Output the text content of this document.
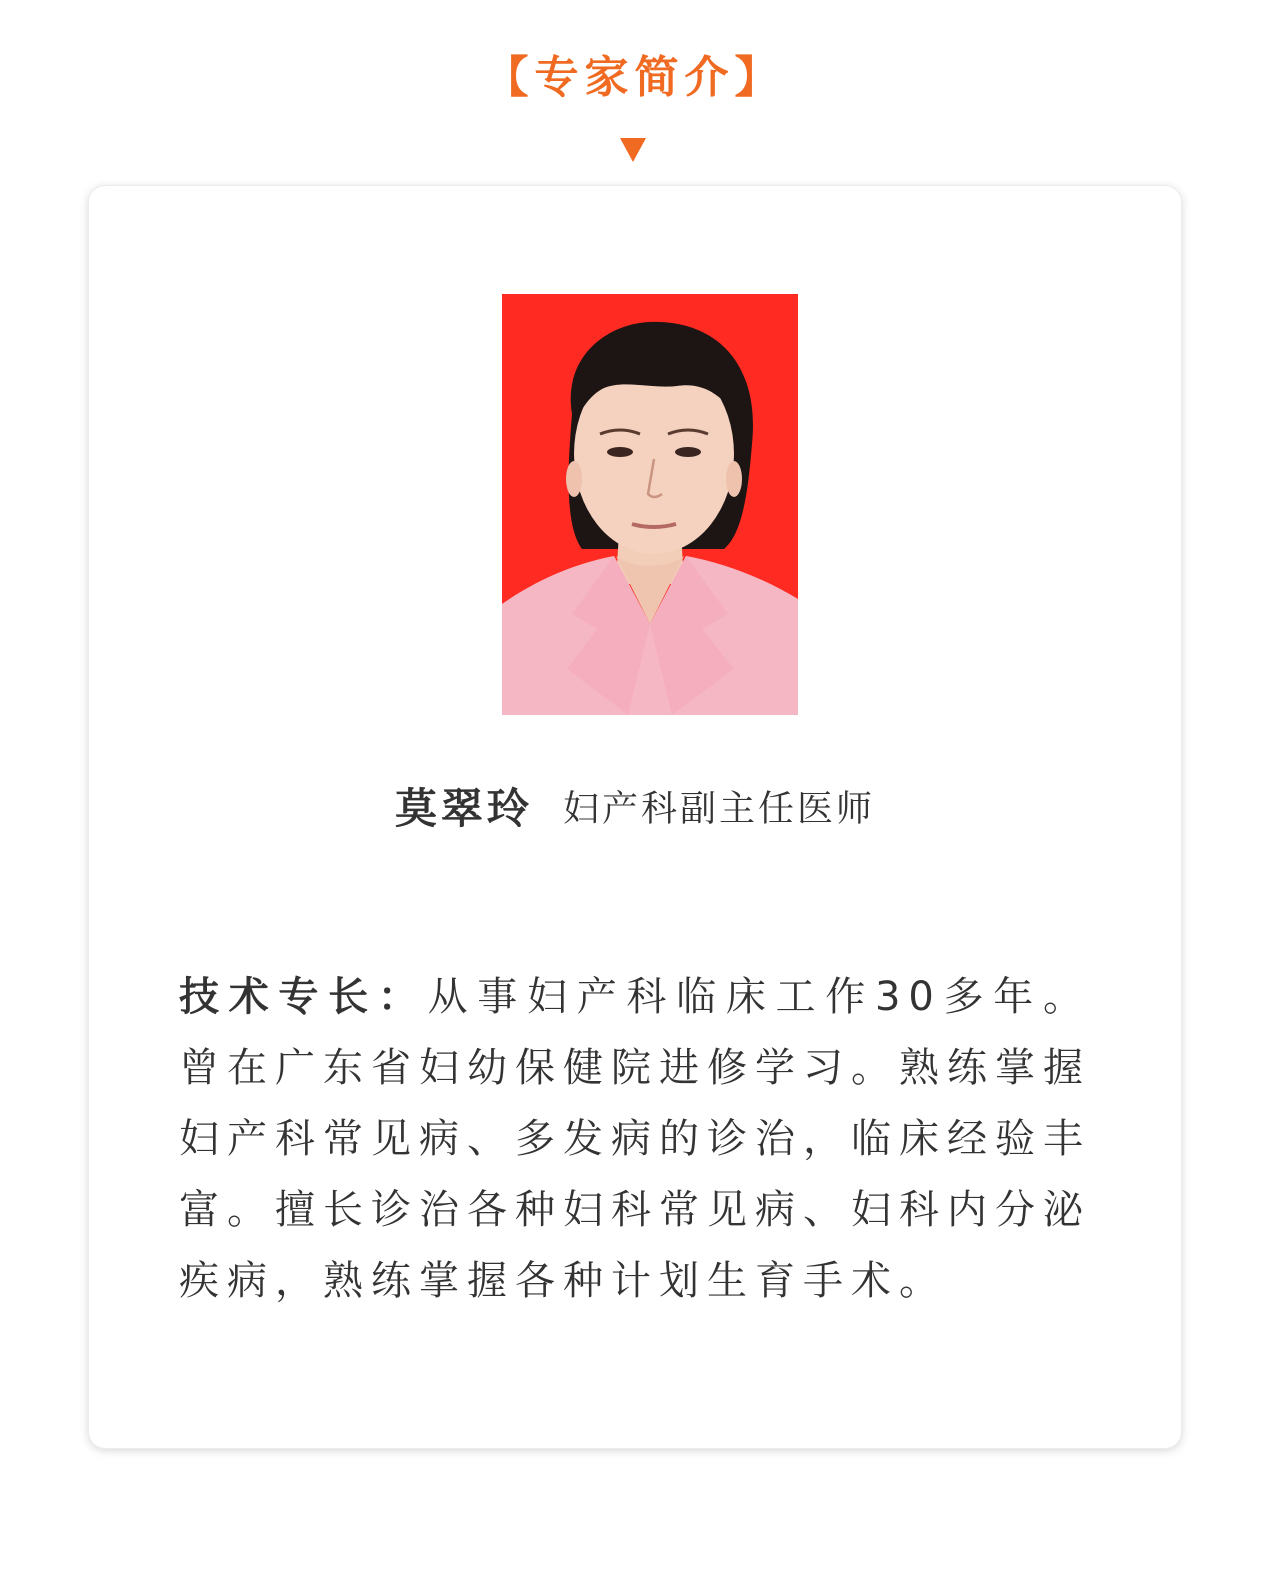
【专家简介】
莫翠玲 妇产科副主任医师
技术专长：从事妇产科临床工作30多年。曾在广东省妇幼保健院进修学习。熟练掌握妇产科常见病、多发病的诊治，临床经验丰富。擅长诊治各种妇科常见病、妇科内分泌疾病，熟练掌握各种计划生育手术。
